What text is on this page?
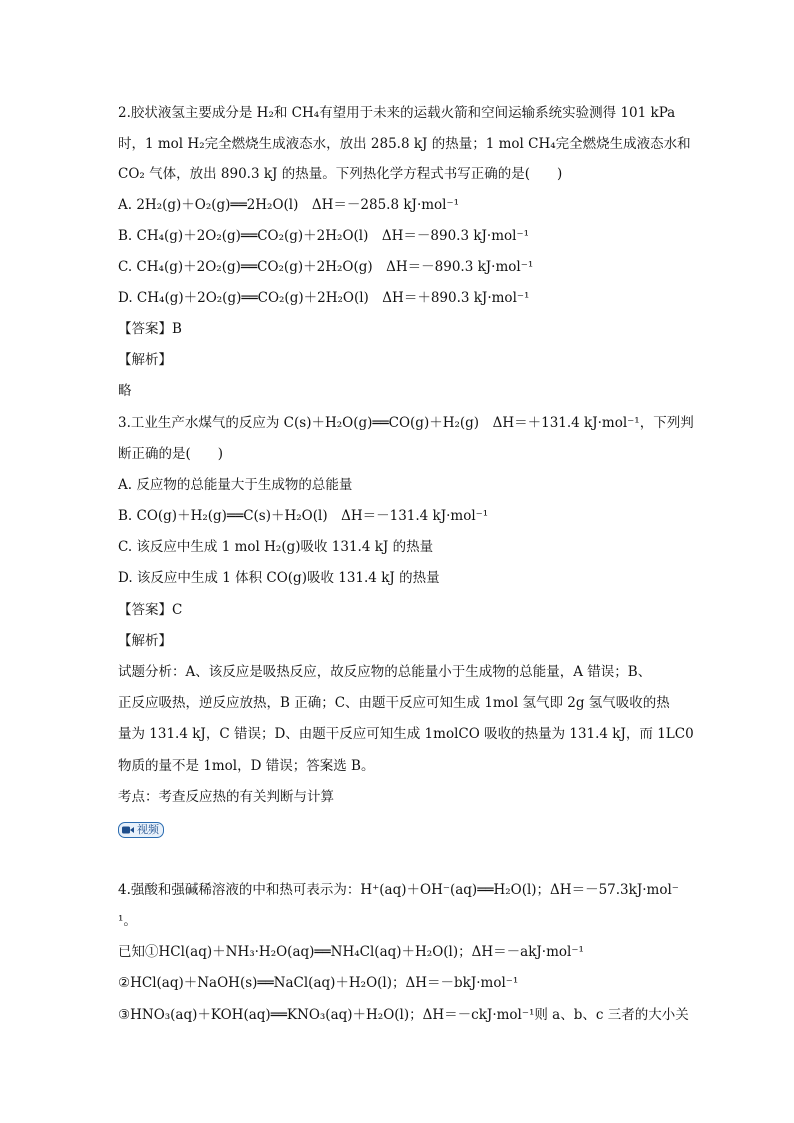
2.胶状液氢主要成分是 H₂和 CH₄有望用于未来的运载火箭和空间运输系统实验测得 101 kPa
时，1 mol H₂完全燃烧生成液态水，放出 285.8 kJ 的热量；1 mol CH₄完全燃烧生成液态水和
CO₂ 气体，放出 890.3 kJ 的热量。下列热化学方程式书写正确的是(　　)
A. 2H₂(g)＋O₂(g)══2H₂O(l)　ΔH＝－285.8 kJ·mol⁻¹
B. CH₄(g)＋2O₂(g)══CO₂(g)＋2H₂O(l)　ΔH＝－890.3 kJ·mol⁻¹
C. CH₄(g)＋2O₂(g)══CO₂(g)＋2H₂O(g)　ΔH＝－890.3 kJ·mol⁻¹
D. CH₄(g)＋2O₂(g)══CO₂(g)＋2H₂O(l)　ΔH＝＋890.3 kJ·mol⁻¹
【答案】B
【解析】
略
3.工业生产水煤气的反应为 C(s)＋H₂O(g)══CO(g)＋H₂(g)　ΔH＝＋131.4 kJ·mol⁻¹，下列判
断正确的是(　　)
A. 反应物的总能量大于生成物的总能量
B. CO(g)＋H₂(g)══C(s)＋H₂O(l)　ΔH＝－131.4 kJ·mol⁻¹
C. 该反应中生成 1 mol H₂(g)吸收 131.4 kJ 的热量
D. 该反应中生成 1 体积 CO(g)吸收 131.4 kJ 的热量
【答案】C
【解析】
试题分析：A、该反应是吸热反应，故反应物的总能量小于生成物的总能量，A 错误；B、
正反应吸热，逆反应放热，B 正确；C、由题干反应可知生成 1mol 氢气即 2g 氢气吸收的热
量为 131.4 kJ，C 错误；D、由题干反应可知生成 1molCO 吸收的热量为 131.4 kJ，而 1LC0
物质的量不是 1mol，D 错误；答案选 B。
考点：考查反应热的有关判断与计算
视频
4.强酸和强碱稀溶液的中和热可表示为：H⁺(aq)＋OH⁻(aq)══H₂O(l)；ΔH＝－57.3kJ·mol⁻
¹。
已知①HCl(aq)＋NH₃·H₂O(aq)══NH₄Cl(aq)＋H₂O(l)；ΔH＝－akJ·mol⁻¹
②HCl(aq)＋NaOH(s)══NaCl(aq)＋H₂O(l)；ΔH＝－bkJ·mol⁻¹
③HNO₃(aq)＋KOH(aq)══KNO₃(aq)＋H₂O(l)；ΔH＝－ckJ·mol⁻¹则 a、b、c 三者的大小关
